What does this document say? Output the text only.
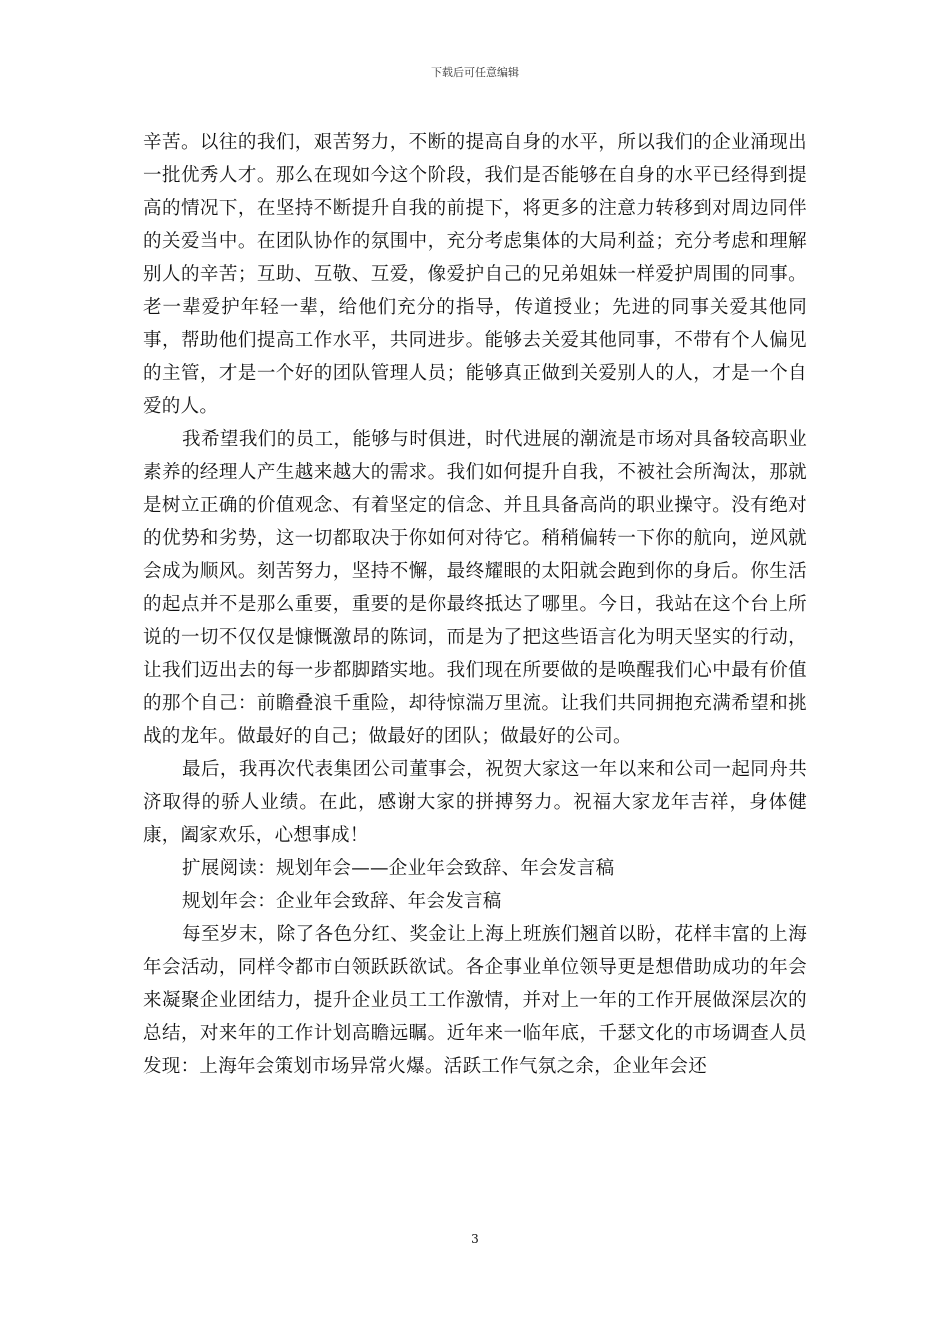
下载后可任意编辑

辛苦。以往的我们，艰苦努力，不断的提高自身的水平，所以我们的企业涌现出一批优秀人才。那么在现如今这个阶段，我们是否能够在自身的水平已经得到提高的情况下，在坚持不断提升自我的前提下，将更多的注意力转移到对周边同伴的关爱当中。在团队协作的氛围中，充分考虑集体的大局利益；充分考虑和理解别人的辛苦；互助、互敬、互爱，像爱护自己的兄弟姐妹一样爱护周围的同事。老一辈爱护年轻一辈，给他们充分的指导，传道授业；先进的同事关爱其他同事，帮助他们提高工作水平，共同进步。能够去关爱其他同事，不带有个人偏见的主管，才是一个好的团队管理人员；能够真正做到关爱别人的人，才是一个自爱的人。

我希望我们的员工，能够与时俱进，时代进展的潮流是市场对具备较高职业素养的经理人产生越来越大的需求。我们如何提升自我，不被社会所淘汰，那就是树立正确的价值观念、有着坚定的信念、并且具备高尚的职业操守。没有绝对的优势和劣势，这一切都取决于你如何对待它。稍稍偏转一下你的航向，逆风就会成为顺风。刻苦努力，坚持不懈，最终耀眼的太阳就会跑到你的身后。你生活的起点并不是那么重要，重要的是你最终抵达了哪里。今日，我站在这个台上所说的一切不仅仅是慷慨激昂的陈词，而是为了把这些语言化为明天坚实的行动，让我们迈出去的每一步都脚踏实地。我们现在所要做的是唤醒我们心中最有价值的那个自己：前瞻叠浪千重险，却待惊湍万里流。让我们共同拥抱充满希望和挑战的龙年。做最好的自己；做最好的团队；做最好的公司。

最后，我再次代表集团公司董事会，祝贺大家这一年以来和公司一起同舟共济取得的骄人业绩。在此，感谢大家的拼搏努力。祝福大家龙年吉祥，身体健康，阖家欢乐，心想事成！

扩展阅读：规划年会——企业年会致辞、年会发言稿

规划年会：企业年会致辞、年会发言稿

每至岁末，除了各色分红、奖金让上海上班族们翘首以盼，花样丰富的上海年会活动，同样令都市白领跃跃欲试。各企事业单位领导更是想借助成功的年会来凝聚企业团结力，提升企业员工工作激情，并对上一年的工作开展做深层次的总结，对来年的工作计划高瞻远瞩。近年来一临年底，千瑟文化的市场调查人员发现：上海年会策划市场异常火爆。活跃工作气氛之余，企业年会还

3
